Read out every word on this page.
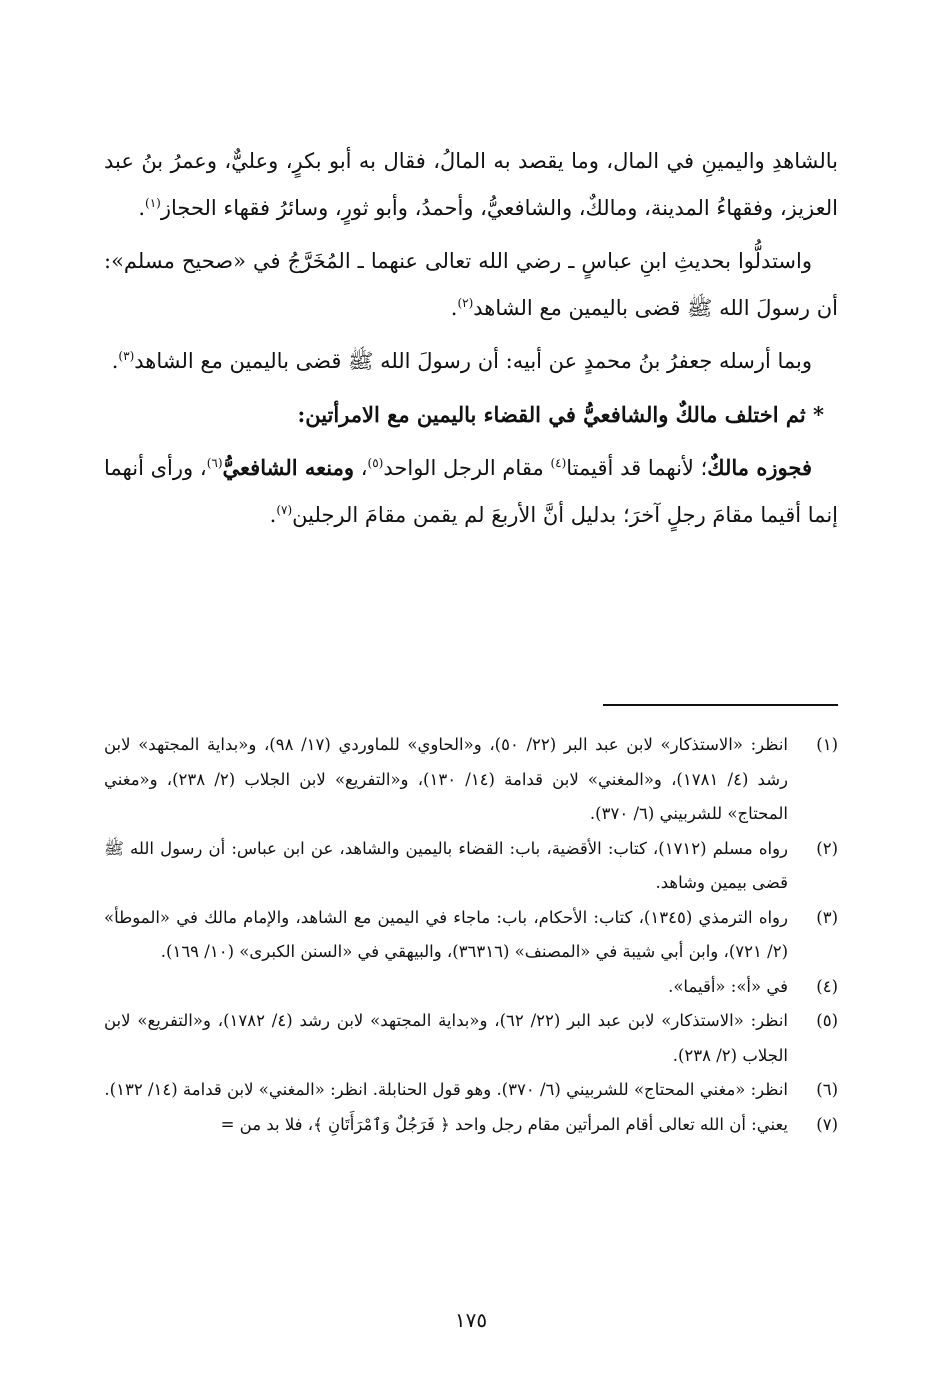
بالشاهدِ واليمينِ في المال، وما يقصد به المالُ، فقال به أبو بكرٍ، وعليٌّ، وعمرُ بنُ عبد العزيز، وفقهاءُ المدينة، ومالكٌ، والشافعيُّ، وأحمدُ، وأبو ثورٍ، وسائرُ فقهاء الحجاز$^{(١)}$.

واستدلُّوا بحديثِ ابنِ عباسٍ ـ رضي الله تعالى عنهما ـ المُخَرَّجُ في «صحيح مسلم»: أن رسولَ الله ﷺ قضى باليمين مع الشاهد$^{(٢)}$.

وبما أرسله جعفرُ بنُ محمدٍ عن أبيه: أن رسولَ الله ﷺ قضى باليمين مع الشاهد$^{(٣)}$.

* ثم اختلف مالكٌ والشافعيُّ في القضاء باليمين مع الامرأتين:

فجوزه مالكٌ؛ لأنهما قد أقيمتا$^{(٤)}$ مقام الرجل الواحد$^{(٥)}$، ومنعه الشافعيُّ$^{(٦)}$، ورأى أنهما إنما أقيما مقامَ رجلٍ آخرَ؛ بدليل أنَّ الأربعَ لم يقمن مقامَ الرجلين$^{(٧)}$.

(١)
انظر: «الاستذكار» لابن عبد البر (٢٢/ ٥٠)، و«الحاوي» للماوردي (١٧/ ٩٨)، و«بداية المجتهد» لابن رشد (٤/ ١٧٨١)، و«المغني» لابن قدامة (١٤/ ١٣٠)، و«التفريع» لابن الجلاب (٢/ ٢٣٨)، و«مغني المحتاج» للشربيني (٦/ ٣٧٠).
(٢)
رواه مسلم (١٧١٢)، كتاب: الأقضية، باب: القضاء باليمين والشاهد، عن ابن عباس: أن رسول الله ﷺ قضى بيمين وشاهد.
(٣)
رواه الترمذي (١٣٤٥)، كتاب: الأحكام، باب: ماجاء في اليمين مع الشاهد، والإمام مالك في «الموطأ» (٢/ ٧٢١)، وابن أبي شيبة في «المصنف» (٣٦٣١٦)، والبيهقي في «السنن الكبرى» (١٠/ ١٦٩).
(٤)
في «أ»: «أقيما».
(٥)
انظر: «الاستذكار» لابن عبد البر (٢٢/ ٦٢)، و«بداية المجتهد» لابن رشد (٤/ ١٧٨٢)، و«التفريع» لابن الجلاب (٢/ ٢٣٨).
(٦)
انظر: «مغني المحتاج» للشربيني (٦/ ٣٧٠). وهو قول الحنابلة. انظر: «المغني» لابن قدامة (١٤/ ١٣٢).
(٧)
يعني: أن الله تعالى أقام المرأتين مقام رجل واحد ﴿ فَرَجُلٌ وَٱمْرَأَتَانِ ﴾، فلا بد من =
١٧٥
